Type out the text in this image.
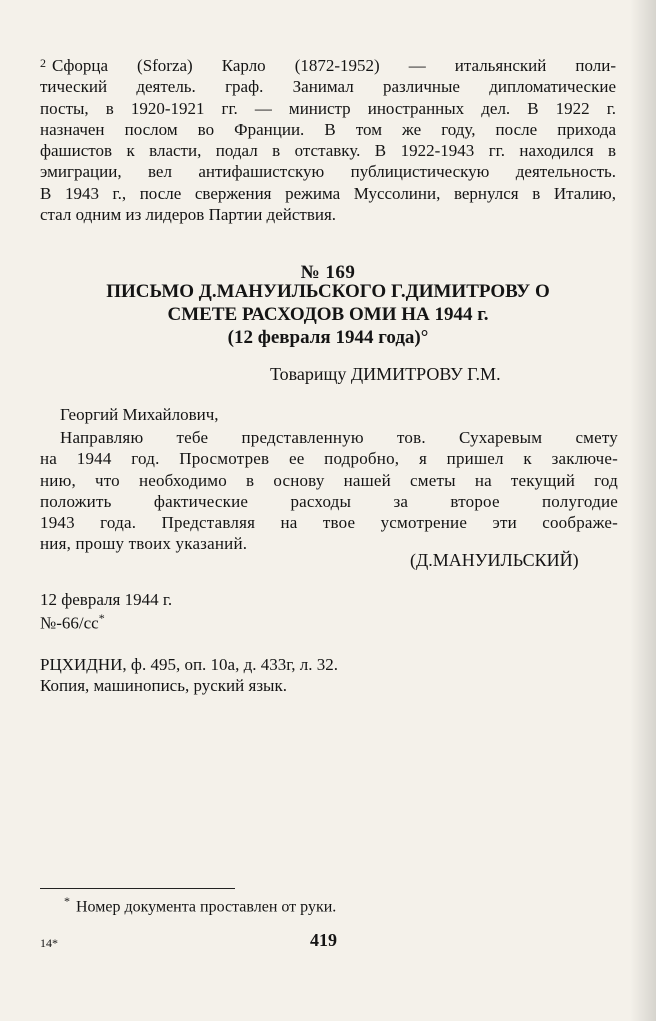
$^2$ Сфорца (Sforza) Карло (1872-1952) — итальянский поли-
тический деятель. граф. Занимал различные дипломатические
посты, в 1920-1921 гг. — министр иностранных дел. В 1922 г.
назначен послом во Франции. В том же году, после прихода
фашистов к власти, подал в отставку. В 1922-1943 гг. находился в
эмиграции, вел антифашистскую публицистическую деятельность.
В 1943 г., после свержения режима Муссолини, вернулся в Италию,
стал одним из лидеров Партии действия.
№ 169
ПИСЬМО Д.МАНУИЛЬСКОГО Г.ДИМИТРОВУ О
СМЕТЕ РАСХОДОВ ОМИ НА 1944 г.
(12 февраля 1944 года)°
Товарищу ДИМИТРОВУ Г.М.
Георгий Михайлович,
Направляю тебе представленную тов. Сухаревым смету
на 1944 год. Просмотрев ее подробно, я пришел к заключе-
нию, что необходимо в основу нашей сметы на текущий год
положить фактические расходы за второе полугодие
1943 года. Представляя на твое усмотрение эти соображе-
ния, прошу твоих указаний.
(Д.МАНУИЛЬСКИЙ)
12 февраля 1944 г.
№-66/сс*
РЦХИДНИ, ф. 495, оп. 10а, д. 433г, л. 32.
Копия, машинопись, руский язык.
* Номер документа проставлен от руки.
14*	419
